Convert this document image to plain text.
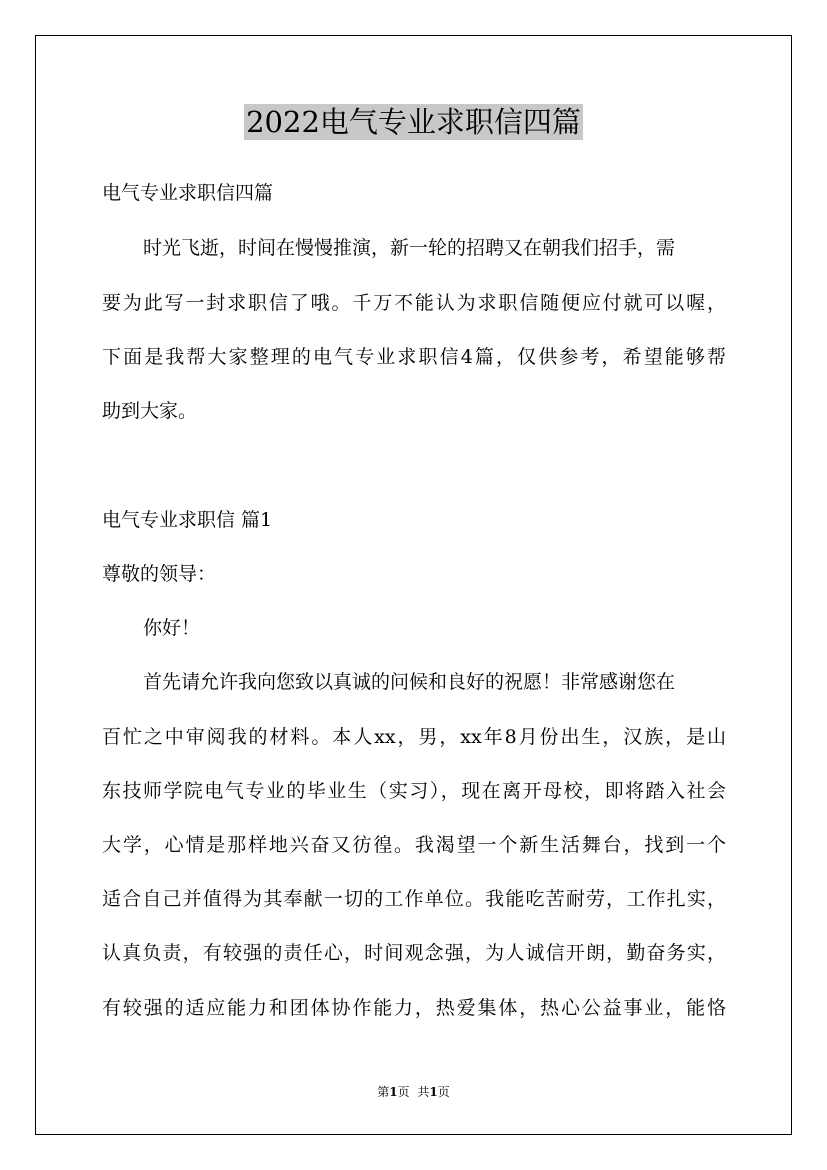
2022电气专业求职信四篇
电气专业求职信四篇
时光飞逝，时间在慢慢推演，新一轮的招聘又在朝我们招手，需
要为此写一封求职信了哦。千万不能认为求职信随便应付就可以喔，
下面是我帮大家整理的电气专业求职信4篇，仅供参考，希望能够帮
助到大家。
电气专业求职信 篇1
尊敬的领导：
你好！
首先请允许我向您致以真诚的问候和良好的祝愿！非常感谢您在
百忙之中审阅我的材料。本人xx，男，xx年8月份出生，汉族，是山
东技师学院电气专业的毕业生（实习），现在离开母校，即将踏入社会
大学，心情是那样地兴奋又彷徨。我渴望一个新生活舞台，找到一个
适合自己并值得为其奉献一切的工作单位。我能吃苦耐劳，工作扎实，
认真负责，有较强的责任心，时间观念强，为人诚信开朗，勤奋务实，
有较强的适应能力和团体协作能力，热爱集体，热心公益事业，能恪
第1页 共1页
